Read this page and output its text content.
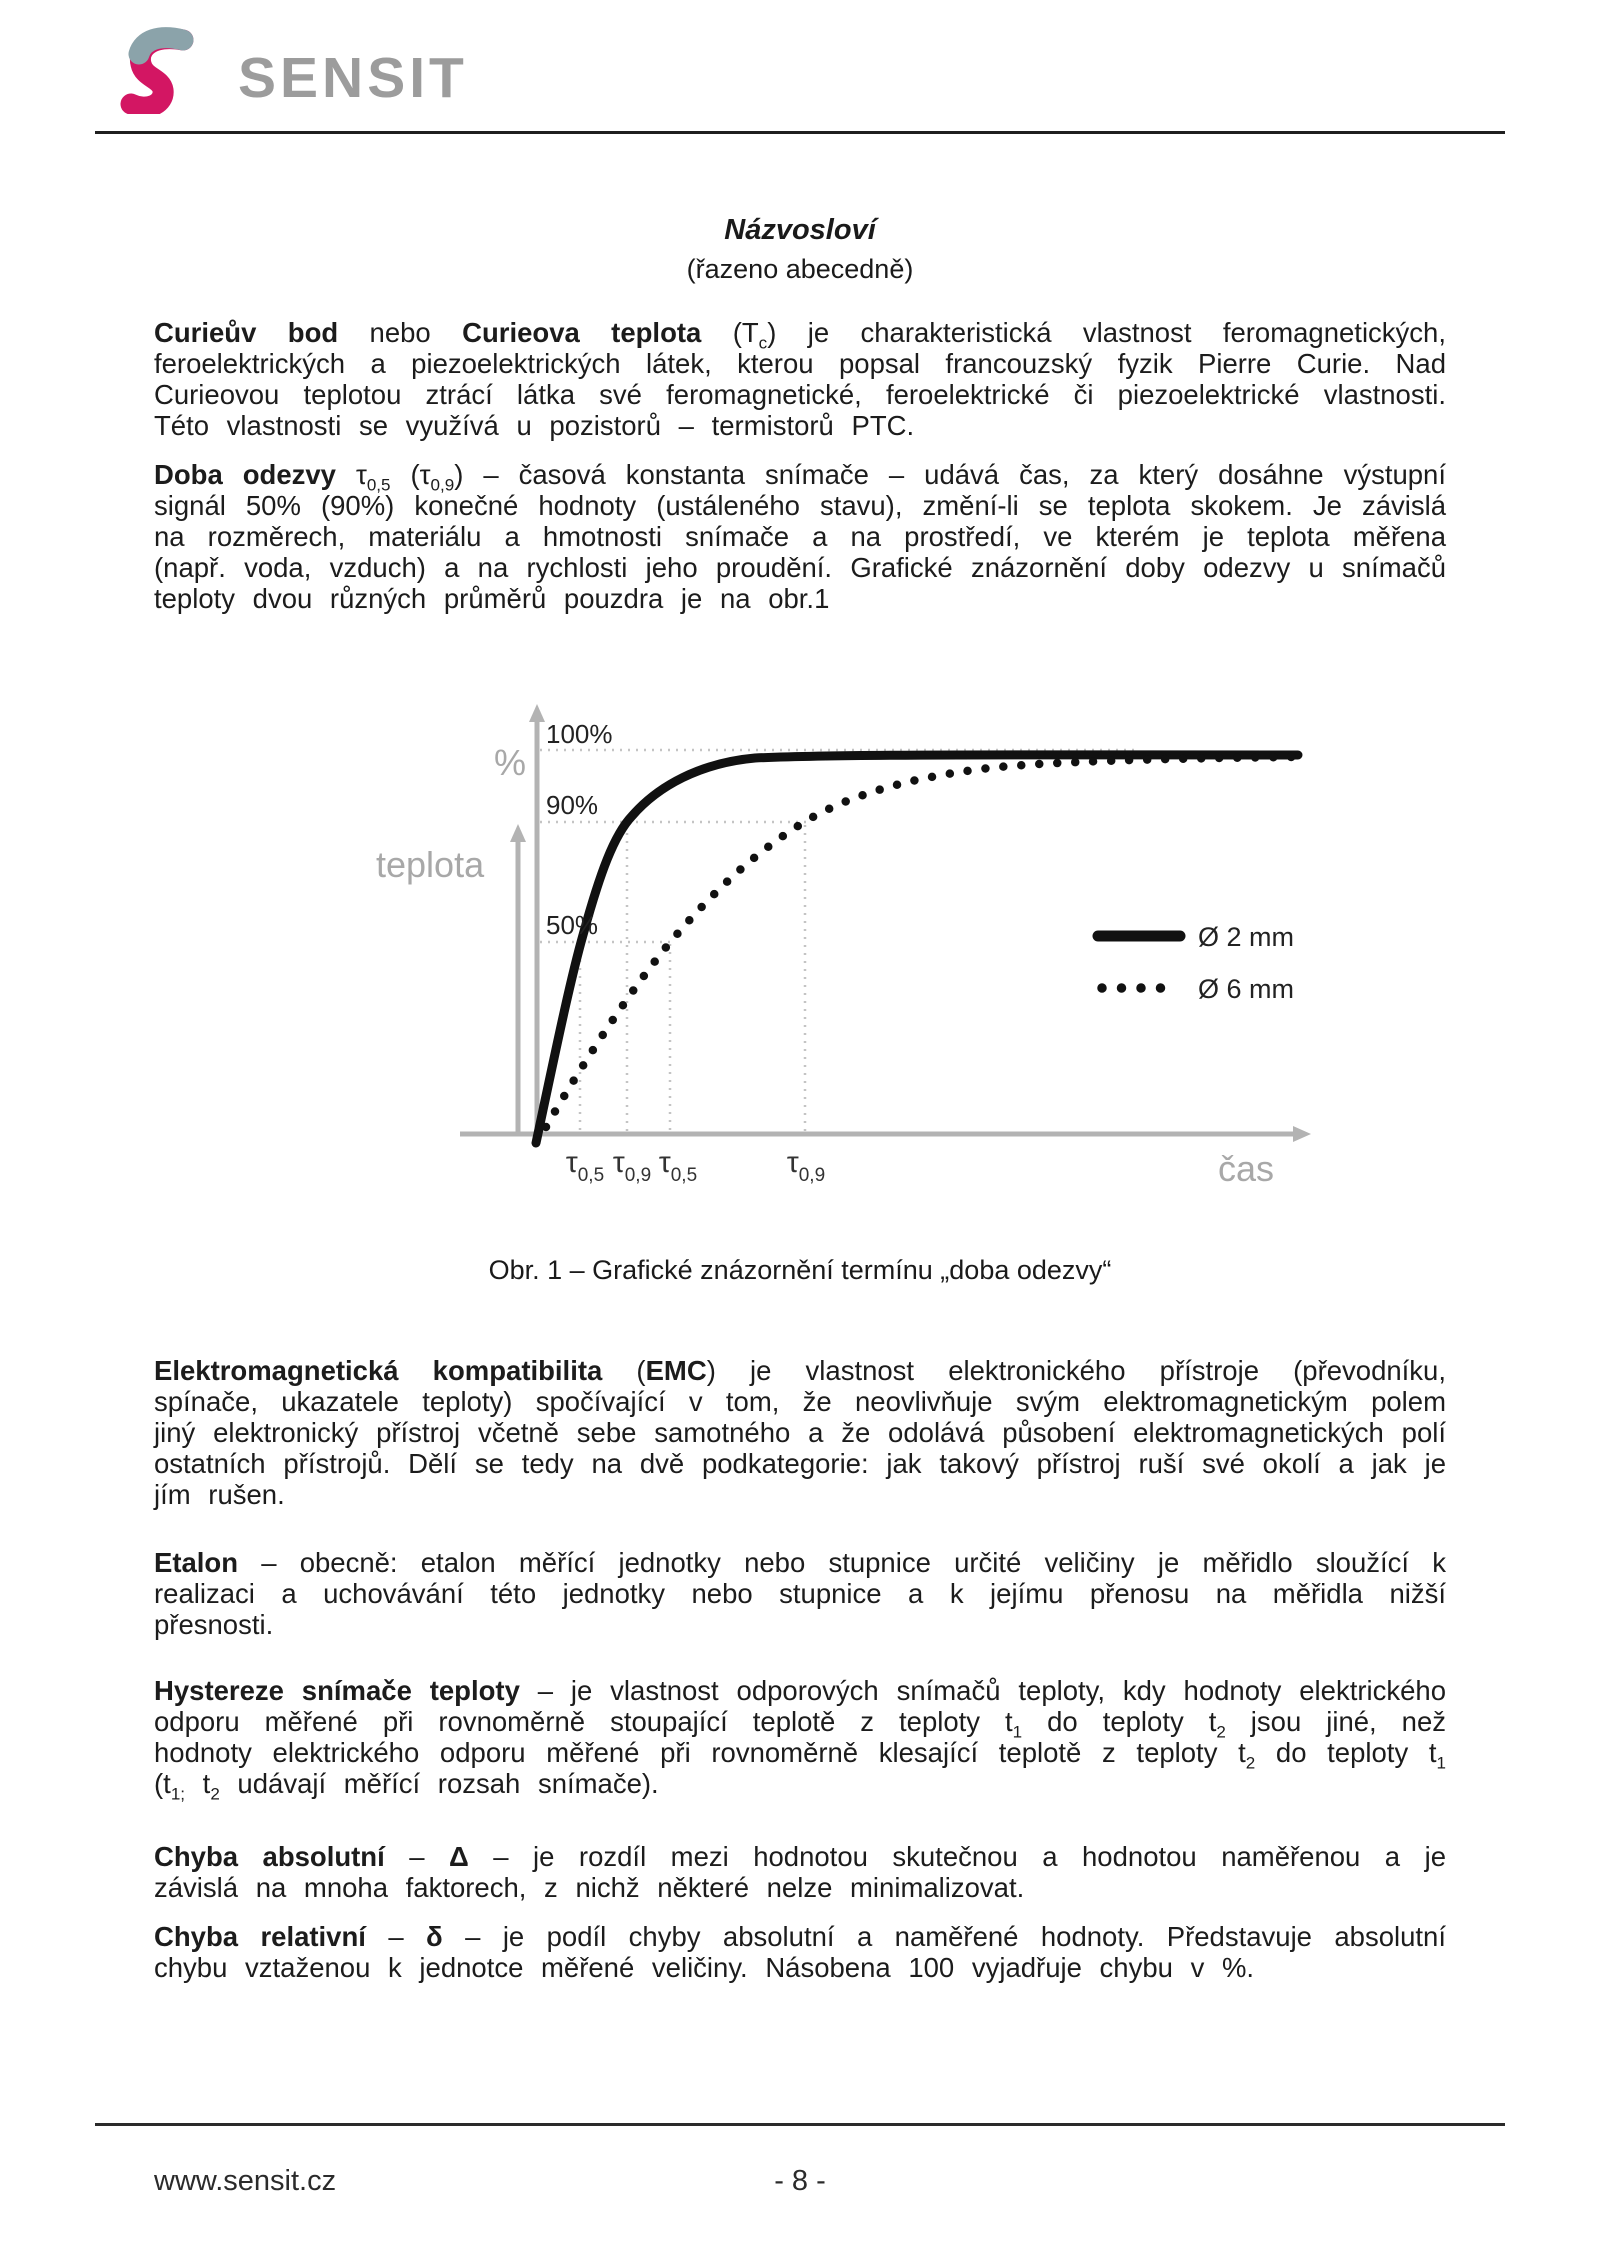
SENSIT
Názvosloví
(řazeno abecedně)

Curieův bod nebo Curieova teplota $(T_c)$ je charakteristická vlastnost feromagnetických, feroelektrických a piezoelektrických látek, kterou popsal francouzský fyzik Pierre Curie. Nad Curieovou teplotou ztrácí látka své feromagnetické, feroelektrické či piezoelektrické vlastnosti. Této vlastnosti se využívá u pozistorů – termistorů PTC.

Doba odezvy $\tau_{0,5}$ $(\tau_{0,9})$ – časová konstanta snímače – udává čas, za který dosáhne výstupní signál 50% (90%) konečné hodnoty (ustáleného stavu), změní-li se teplota skokem. Je závislá na rozměrech, materiálu a hmotnosti snímače a na prostředí, ve kterém je teplota měřena (např. voda, vzduch) a na rychlosti jeho proudění. Grafické znázornění doby odezvy u snímačů teploty dvou různých průměrů pouzdra je na obr.1

100%
90%
50%
%
teplota
čas
$\tau_{0,5}$ $\tau_{0,9}$ $\tau_{0,5}$	$\tau_{0,9}$
Ø 2 mm
Ø 6 mm
Obr. 1 – Grafické znázornění termínu „doba odezvy“

Elektromagnetická kompatibilita (EMC) je vlastnost elektronického přístroje (převodníku, spínače, ukazatele teploty) spočívající v tom, že neovlivňuje svým elektromagnetickým polem jiný elektronický přístroj včetně sebe samotného a že odolává působení elektromagnetických polí ostatních přístrojů. Dělí se tedy na dvě podkategorie: jak takový přístroj ruší své okolí a jak je jím rušen.

Etalon – obecně: etalon měřící jednotky nebo stupnice určité veličiny je měřidlo sloužící k realizaci a uchovávání této jednotky nebo stupnice a k jejímu přenosu na měřidla nižší přesnosti.

Hystereze snímače teploty – je vlastnost odporových snímačů teploty, kdy hodnoty elektrického odporu měřené při rovnoměrně stoupající teplotě z teploty $t_1$ do teploty $t_2$ jsou jiné, než hodnoty elektrického odporu měřené při rovnoměrně klesající teplotě z teploty $t_2$ do teploty $t_1$ ($t_{1;}$ $t_2$ udávají měřící rozsah snímače).

Chyba absolutní – Δ – je rozdíl mezi hodnotou skutečnou a hodnotou naměřenou a je závislá na mnoha faktorech, z nichž některé nelze minimalizovat.

Chyba relativní – δ – je podíl chyby absolutní a naměřené hodnoty. Představuje absolutní chybu vztaženou k jednotce měřené veličiny. Násobena 100 vyjadřuje chybu v %.

www.sensit.cz	- 8 -
